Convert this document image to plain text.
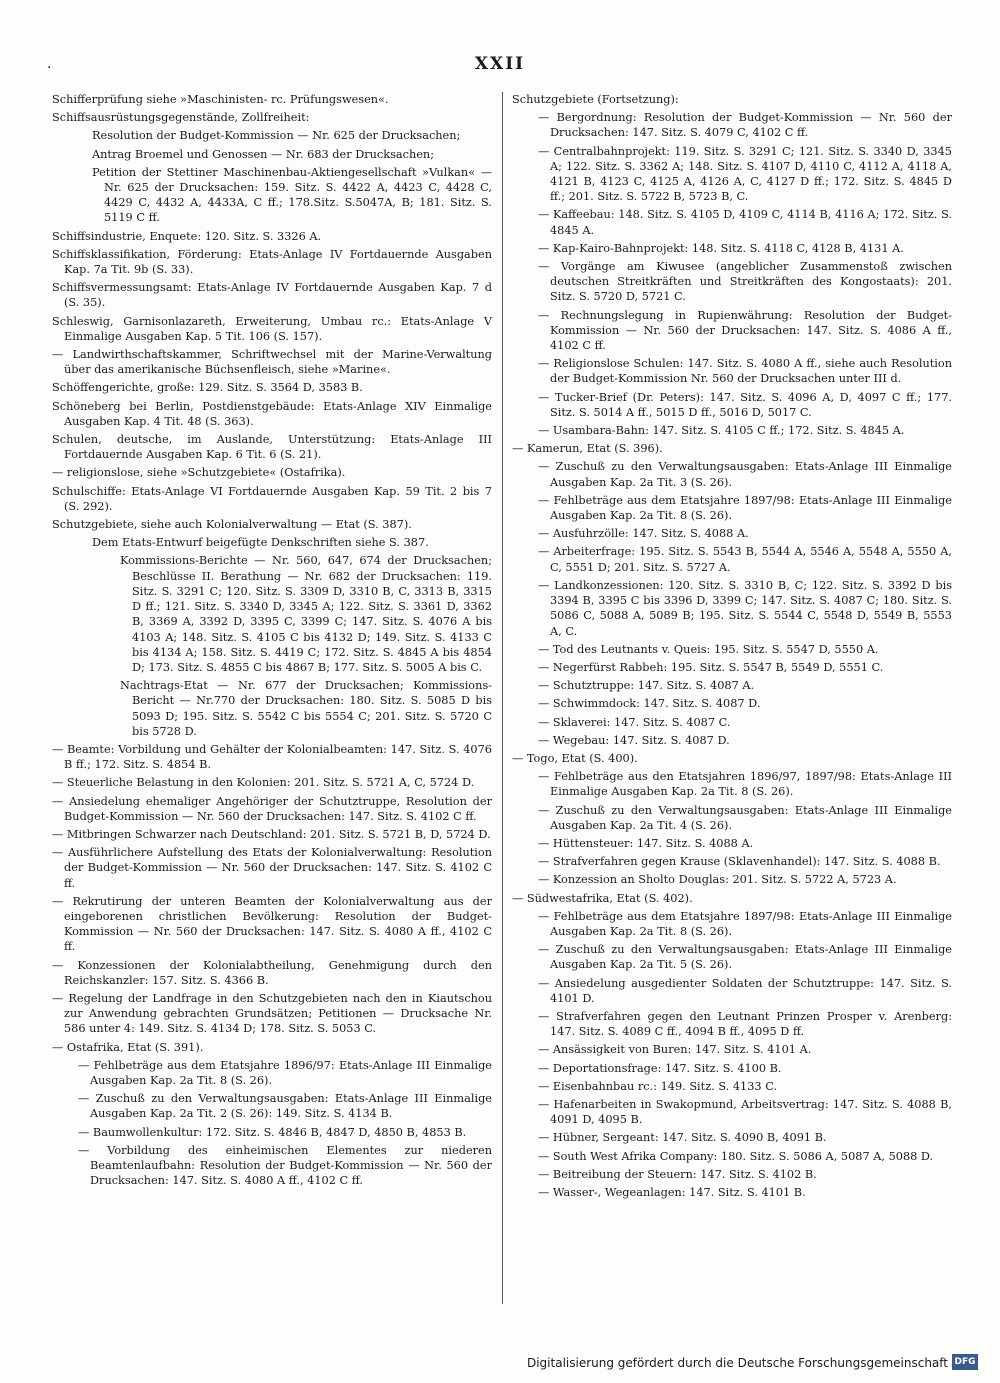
·	XXII
Schifferprüfung siehe »Maschinisten- rc. Prüfungswesen«.
Schiffsausrüstungsgegenstände, Zollfreiheit:
Resolution der Budget-Kommission — Nr. 625 der Drucksachen;
Antrag Broemel und Genossen — Nr. 683 der Drucksachen;
Petition der Stettiner Maschinenbau-Aktiengesellschaft »Vulkan« — Nr. 625 der Drucksachen: 159. Sitz. S. 4422 A, 4423 C, 4428 C, 4429 C, 4432 A, 4433A, C ff.; 178.Sitz. S.5047A, B; 181. Sitz. S. 5119 C ff.
Schiffsindustrie, Enquete: 120. Sitz. S. 3326 A.
Schiffsklassifikation, Förderung: Etats-Anlage IV Fortdauernde Ausgaben Kap. 7a Tit. 9b (S. 33).
Schiffsvermessungsamt: Etats-Anlage IV Fortdauernde Ausgaben Kap. 7 d (S. 35).
Schleswig, Garnisonlazareth, Erweiterung, Umbau rc.: Etats-Anlage V Einmalige Ausgaben Kap. 5 Tit. 106 (S. 157).
— Landwirthschaftskammer, Schriftwechsel mit der Marine-Verwaltung über das amerikanische Büchsenfleisch, siehe »Marine«.
Schöffengerichte, große: 129. Sitz. S. 3564 D, 3583 B.
Schöneberg bei Berlin, Postdienstgebäude: Etats-Anlage XIV Einmalige Ausgaben Kap. 4 Tit. 48 (S. 363).
Schulen, deutsche, im Auslande, Unterstützung: Etats-Anlage III Fortdauernde Ausgaben Kap. 6 Tit. 6 (S. 21).
— religionslose, siehe »Schutzgebiete« (Ostafrika).
Schulschiffe: Etats-Anlage VI Fortdauernde Ausgaben Kap. 59 Tit. 2 bis 7 (S. 292).
Schutzgebiete, siehe auch Kolonialverwaltung — Etat (S. 387).
Dem Etats-Entwurf beigefügte Denkschriften siehe S. 387.
Kommissions-Berichte — Nr. 560, 647, 674 der Drucksachen; Beschlüsse II. Berathung — Nr. 682 der Drucksachen: 119. Sitz. S. 3291 C; 120. Sitz. S. 3309 D, 3310 B, C, 3313 B, 3315 D ff.; 121. Sitz. S. 3340 D, 3345 A; 122. Sitz. S. 3361 D, 3362 B, 3369 A, 3392 D, 3395 C, 3399 C; 147. Sitz. S. 4076 A bis 4103 A; 148. Sitz. S. 4105 C bis 4132 D; 149. Sitz. S. 4133 C bis 4134 A; 158. Sitz. S. 4419 C; 172. Sitz. S. 4845 A bis 4854 D; 173. Sitz. S. 4855 C bis 4867 B; 177. Sitz. S. 5005 A bis C.
Nachtrags-Etat — Nr. 677 der Drucksachen; Kommissions-Bericht — Nr.770 der Drucksachen: 180. Sitz. S. 5085 D bis 5093 D; 195. Sitz. S. 5542 C bis 5554 C; 201. Sitz. S. 5720 C bis 5728 D.
— Beamte: Vorbildung und Gehälter der Kolonialbeamten: 147. Sitz. S. 4076 B ff.; 172. Sitz. S. 4854 B.
— Steuerliche Belastung in den Kolonien: 201. Sitz. S. 5721 A, C, 5724 D.
— Ansiedelung ehemaliger Angehöriger der Schutztruppe, Resolution der Budget-Kommission — Nr. 560 der Drucksachen: 147. Sitz. S. 4102 C ff.
— Mitbringen Schwarzer nach Deutschland: 201. Sitz. S. 5721 B, D, 5724 D.
— Ausführlichere Aufstellung des Etats der Kolonialverwaltung: Resolution der Budget-Kommission — Nr. 560 der Drucksachen: 147. Sitz. S. 4102 C ff.
— Rekrutirung der unteren Beamten der Kolonialverwaltung aus der eingeborenen christlichen Bevölkerung: Resolution der Budget-Kommission — Nr. 560 der Drucksachen: 147. Sitz. S. 4080 A ff., 4102 C ff.
— Konzessionen der Kolonialabtheilung, Genehmigung durch den Reichskanzler: 157. Sitz. S. 4366 B.
— Regelung der Landfrage in den Schutzgebieten nach den in Kiautschou zur Anwendung gebrachten Grundsätzen; Petitionen — Drucksache Nr. 586 unter 4: 149. Sitz. S. 4134 D; 178. Sitz. S. 5053 C.
— Ostafrika, Etat (S. 391).
— Fehlbeträge aus dem Etatsjahre 1896/97: Etats-Anlage III Einmalige Ausgaben Kap. 2a Tit. 8 (S. 26).
— Zuschuß zu den Verwaltungsausgaben: Etats-Anlage III Einmalige Ausgaben Kap. 2a Tit. 2 (S. 26): 149. Sitz. S. 4134 B.
— Baumwollenkultur: 172. Sitz. S. 4846 B, 4847 D, 4850 B, 4853 B.
— Vorbildung des einheimischen Elementes zur niederen Beamtenlaufbahn: Resolution der Budget-Kommission — Nr. 560 der Drucksachen: 147. Sitz. S. 4080 A ff., 4102 C ff.
Schutzgebiete (Fortsetzung):
— Bergordnung: Resolution der Budget-Kommission — Nr. 560 der Drucksachen: 147. Sitz. S. 4079 C, 4102 C ff.
— Centralbahnprojekt: 119. Sitz. S. 3291 C; 121. Sitz. S. 3340 D, 3345 A; 122. Sitz. S. 3362 A; 148. Sitz. S. 4107 D, 4110 C, 4112 A, 4118 A, 4121 B, 4123 C, 4125 A, 4126 A, C, 4127 D ff.; 172. Sitz. S. 4845 D ff.; 201. Sitz. S. 5722 B, 5723 B, C.
— Kaffeebau: 148. Sitz. S. 4105 D, 4109 C, 4114 B, 4116 A; 172. Sitz. S. 4845 A.
— Kap-Kairo-Bahnprojekt: 148. Sitz. S. 4118 C, 4128 B, 4131 A.
— Vorgänge am Kiwusee (angeblicher Zusammenstoß zwischen deutschen Streitkräften und Streitkräften des Kongostaats): 201. Sitz. S. 5720 D, 5721 C.
— Rechnungslegung in Rupienwährung: Resolution der Budget-Kommission — Nr. 560 der Drucksachen: 147. Sitz. S. 4086 A ff., 4102 C ff.
— Religionslose Schulen: 147. Sitz. S. 4080 A ff., siehe auch Resolution der Budget-Kommission Nr. 560 der Drucksachen unter III d.
— Tucker-Brief (Dr. Peters): 147. Sitz. S. 4096 A, D, 4097 C ff.; 177. Sitz. S. 5014 A ff., 5015 D ff., 5016 D, 5017 C.
— Usambara-Bahn: 147. Sitz. S. 4105 C ff.; 172. Sitz. S. 4845 A.
— Kamerun, Etat (S. 396).
— Zuschuß zu den Verwaltungsausgaben: Etats-Anlage III Einmalige Ausgaben Kap. 2a Tit. 3 (S. 26).
— Fehlbeträge aus dem Etatsjahre 1897/98: Etats-Anlage III Einmalige Ausgaben Kap. 2a Tit. 8 (S. 26).
— Ausfuhrzölle: 147. Sitz. S. 4088 A.
— Arbeiterfrage: 195. Sitz. S. 5543 B, 5544 A, 5546 A, 5548 A, 5550 A, C, 5551 D; 201. Sitz. S. 5727 A.
— Landkonzessionen: 120. Sitz. S. 3310 B, C; 122. Sitz. S. 3392 D bis 3394 B, 3395 C bis 3396 D, 3399 C; 147. Sitz. S. 4087 C; 180. Sitz. S. 5086 C, 5088 A, 5089 B; 195. Sitz. S. 5544 C, 5548 D, 5549 B, 5553 A, C.
— Tod des Leutnants v. Queis: 195. Sitz. S. 5547 D, 5550 A.
— Negerfürst Rabbeh: 195. Sitz. S. 5547 B, 5549 D, 5551 C.
— Schutztruppe: 147. Sitz. S. 4087 A.
— Schwimmdock: 147. Sitz. S. 4087 D.
— Sklaverei: 147. Sitz. S. 4087 C.
— Wegebau: 147. Sitz. S. 4087 D.
— Togo, Etat (S. 400).
— Fehlbeträge aus den Etatsjahren 1896/97, 1897/98: Etats-Anlage III Einmalige Ausgaben Kap. 2a Tit. 8 (S. 26).
— Zuschuß zu den Verwaltungsausgaben: Etats-Anlage III Einmalige Ausgaben Kap. 2a Tit. 4 (S. 26).
— Hüttensteuer: 147. Sitz. S. 4088 A.
— Strafverfahren gegen Krause (Sklavenhandel): 147. Sitz. S. 4088 B.
— Konzession an Sholto Douglas: 201. Sitz. S. 5722 A, 5723 A.
— Südwestafrika, Etat (S. 402).
— Fehlbeträge aus dem Etatsjahre 1897/98: Etats-Anlage III Einmalige Ausgaben Kap. 2a Tit. 8 (S. 26).
— Zuschuß zu den Verwaltungsausgaben: Etats-Anlage III Einmalige Ausgaben Kap. 2a Tit. 5 (S. 26).
— Ansiedelung ausgedienter Soldaten der Schutztruppe: 147. Sitz. S. 4101 D.
— Strafverfahren gegen den Leutnant Prinzen Prosper v. Arenberg: 147. Sitz. S. 4089 C ff., 4094 B ff., 4095 D ff.
— Ansässigkeit von Buren: 147. Sitz. S. 4101 A.
— Deportationsfrage: 147. Sitz. S. 4100 B.
— Eisenbahnbau rc.: 149. Sitz. S. 4133 C.
— Hafenarbeiten in Swakopmund, Arbeitsvertrag: 147. Sitz. S. 4088 B, 4091 D, 4095 B.
— Hübner, Sergeant: 147. Sitz. S. 4090 B, 4091 B.
— South West Afrika Company: 180. Sitz. S. 5086 A, 5087 A, 5088 D.
— Beitreibung der Steuern: 147. Sitz. S. 4102 B.
— Wasser-, Wegeanlagen: 147. Sitz. S. 4101 B.
Digitalisierung gefördert durch die Deutsche Forschungsgemeinschaft DFG
